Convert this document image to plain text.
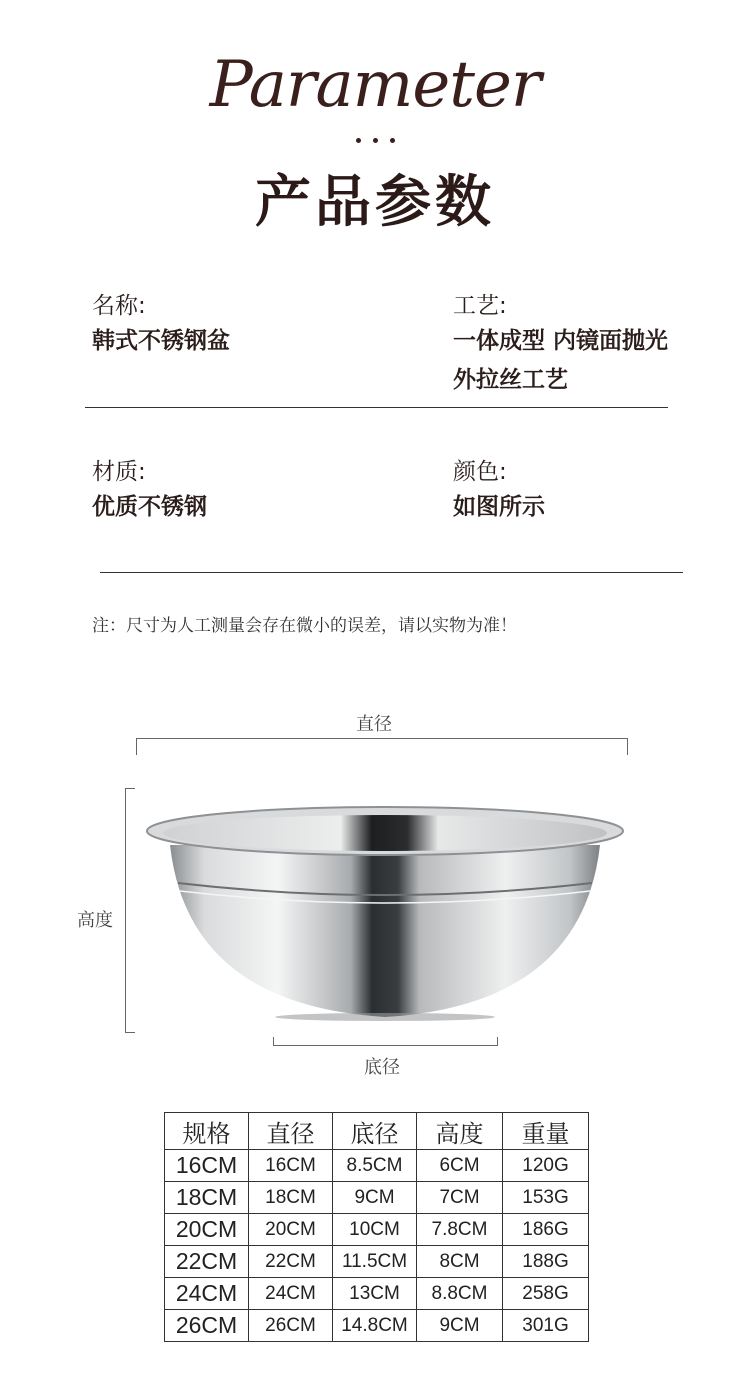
Parameter
产品参数
名称:
韩式不锈钢盆
工艺:
一体成型 内镜面抛光
外拉丝工艺
材质:
优质不锈钢
颜色:
如图所示
注：尺寸为人工测量会存在微小的误差，请以实物为准！
直径
高度
底径
规格	直径	底径	高度	重量
16CM	16CM	8.5CM	6CM	120G
18CM	18CM	9CM	7CM	153G
20CM	20CM	10CM	7.8CM	186G
22CM	22CM	11.5CM	8CM	188G
24CM	24CM	13CM	8.8CM	258G
26CM	26CM	14.8CM	9CM	301G
